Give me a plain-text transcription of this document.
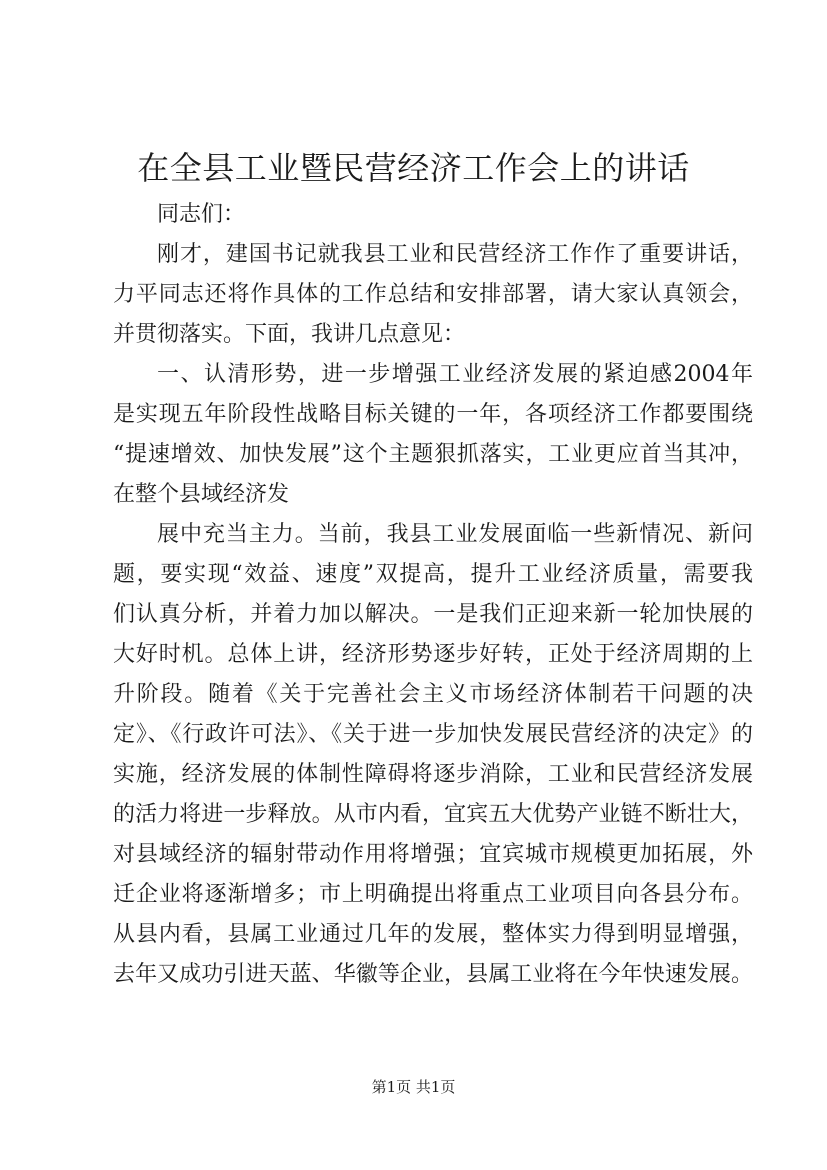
在全县工业暨民营经济工作会上的讲话
同志们：
刚才，建国书记就我县工业和民营经济工作作了重要讲话，
力平同志还将作具体的工作总结和安排部署，请大家认真领会，
并贯彻落实。下面，我讲几点意见：
一、认清形势，进一步增强工业经济发展的紧迫感2004年
是实现五年阶段性战略目标关键的一年，各项经济工作都要围绕
“提速增效、加快发展”这个主题狠抓落实，工业更应首当其冲，
在整个县域经济发
展中充当主力。当前，我县工业发展面临一些新情况、新问
题，要实现“效益、速度”双提高，提升工业经济质量，需要我
们认真分析，并着力加以解决。一是我们正迎来新一轮加快展的
大好时机。总体上讲，经济形势逐步好转，正处于经济周期的上
升阶段。随着《关于完善社会主义市场经济体制若干问题的决
定》、《行政许可法》、《关于进一步加快发展民营经济的决定》的
实施，经济发展的体制性障碍将逐步消除，工业和民营经济发展
的活力将进一步释放。从市内看，宜宾五大优势产业链不断壮大，
对县域经济的辐射带动作用将增强；宜宾城市规模更加拓展，外
迁企业将逐渐增多；市上明确提出将重点工业项目向各县分布。
从县内看，县属工业通过几年的发展，整体实力得到明显增强，
去年又成功引进天蓝、华徽等企业，县属工业将在今年快速发展。
第1页 共1页
